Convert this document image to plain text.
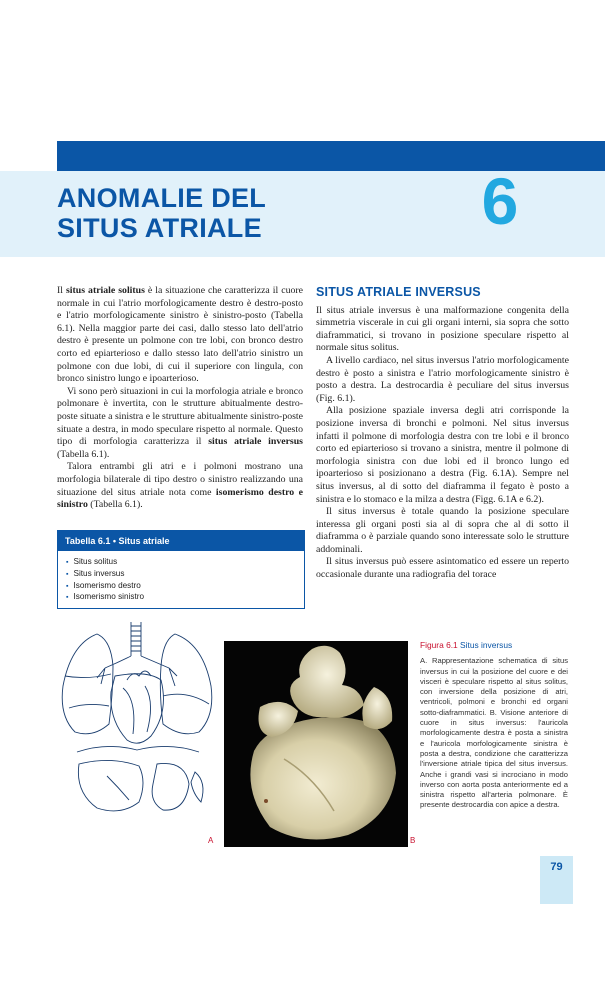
ANOMALIE DEL
SITUS ATRIALE	6

Il situs atriale solitus è la situazione che caratterizza il cuore normale in cui l'atrio morfologicamente destro è destro-posto e l'atrio morfologicamente sinistro è sinistro-posto (Tabella 6.1). Nella maggior parte dei casi, dallo stesso lato dell'atrio destro è presente un polmone con tre lobi, con bronco destro corto ed epiarterioso e dallo stesso lato dell'atrio sinistro un polmone con due lobi, di cui il superiore con lingula, con bronco sinistro lungo e ipoarterioso.

Vi sono però situazioni in cui la morfologia atriale e bronco polmonare è invertita, con le strutture abitualmente destro-poste situate a sinistra e le strutture abitualmente sinistro-poste situate a destra, in modo speculare rispetto al normale. Questo tipo di morfologia caratterizza il situs atriale inversus (Tabella 6.1).

Talora entrambi gli atri e i polmoni mostrano una morfologia bilaterale di tipo destro o sinistro realizzando una situazione del situs atriale nota come isomerismo destro e sinistro (Tabella 6.1).

Tabella 6.1 • Situs atriale
▪ Situs solitus
▪ Situs inversus
▪ Isomerismo destro
▪ Isomerismo sinistro
SITUS ATRIALE INVERSUS

Il situs atriale inversus è una malformazione congenita della simmetria viscerale in cui gli organi interni, sia sopra che sotto diaframmatici, si trovano in posizione speculare rispetto al normale situs solitus.

A livello cardiaco, nel situs inversus l'atrio morfologicamente destro è posto a sinistra e l'atrio morfologicamente sinistro è posto a destra. La destrocardia è peculiare del situs inversus (Fig. 6.1).

Alla posizione spaziale inversa degli atri corrisponde la posizione inversa di bronchi e polmoni. Nel situs inversus infatti il polmone di morfologia destra con tre lobi e il bronco corto ed epiarterioso si trovano a sinistra, mentre il polmone di morfologia sinistra con due lobi ed il bronco lungo ed ipoarterioso si posizionano a destra (Fig. 6.1A). Sempre nel situs inversus, al di sotto del diaframma il fegato è posto a sinistra e lo stomaco e la milza a destra (Figg. 6.1A e 6.2).

Il situs inversus è totale quando la posizione speculare interessa gli organi posti sia al di sopra che al di sotto il diaframma o è parziale quando sono interessate solo le strutture addominali.

Il situs inversus può essere asintomatico ed essere un reperto occasionale durante una radiografia del torace

A	B
Figura 6.1 Situs inversus
A. Rappresentazione schematica di situs inversus in cui la posizione del cuore e dei visceri è speculare rispetto al situs solitus, con inversione della posizione di atri, ventricoli, polmoni e bronchi ed organi sotto-diaframmatici. B. Visione anteriore di cuore in situs inversus: l'auricola morfologicamente destra è posta a sinistra e l'auricola morfologicamente sinistra è posta a destra, condizione che caratterizza l'inversione atriale tipica del situs inversus. Anche i grandi vasi si incrociano in modo inverso con aorta posta anteriormente ed a sinistra rispetto all'arteria polmonare. È presente destrocardia con apice a destra.
79
